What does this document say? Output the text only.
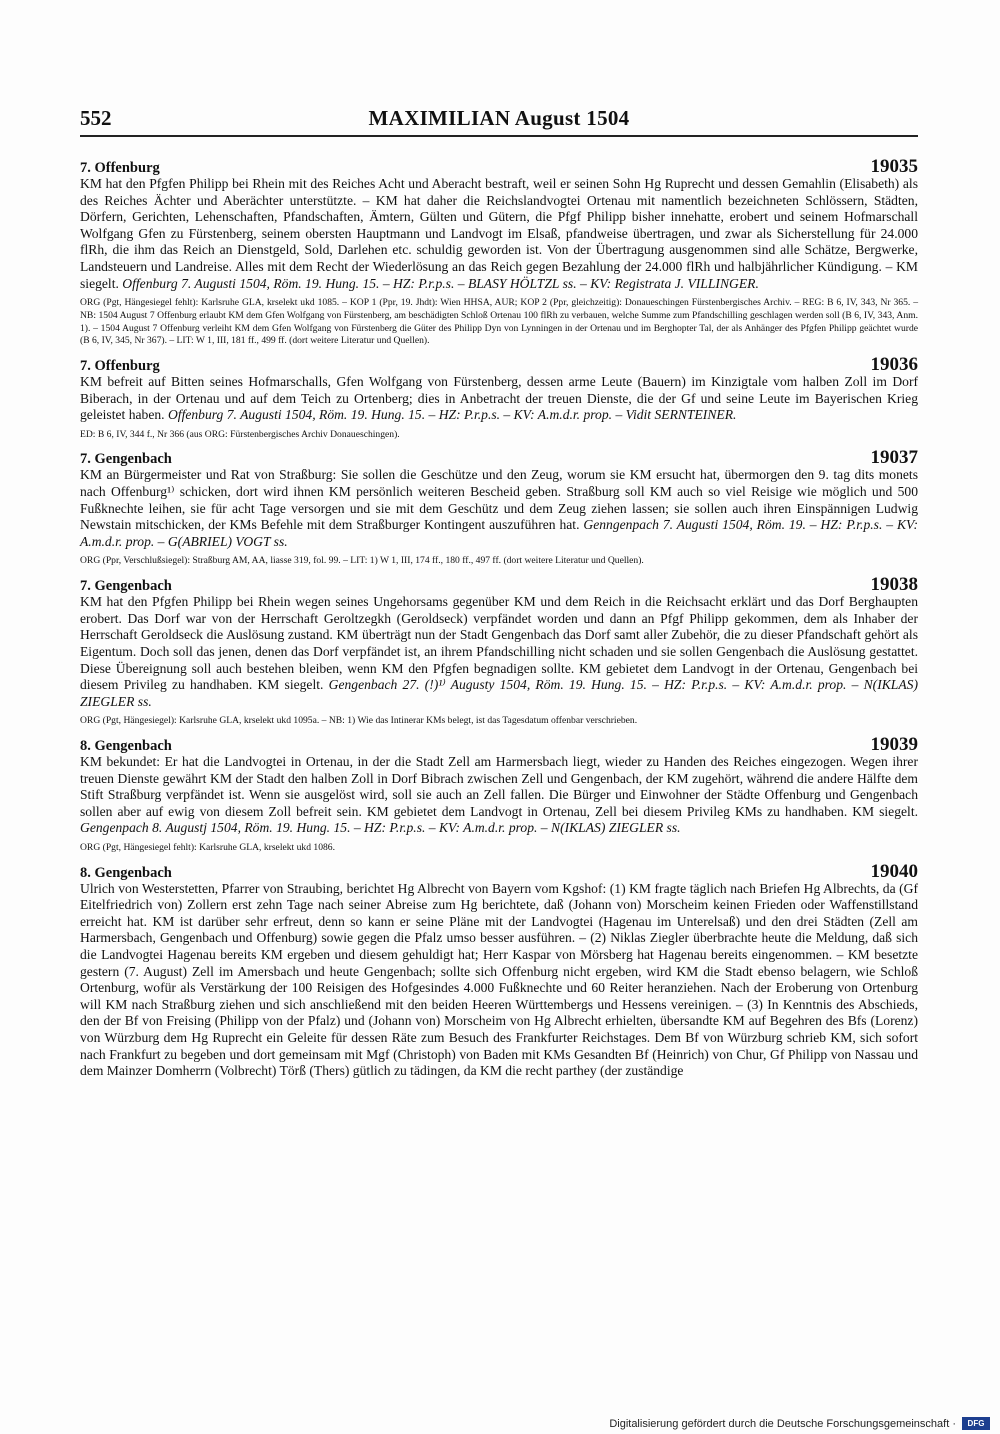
552	MAXIMILIAN August 1504
7. Offenburg	19035

KM hat den Pfgfen Philipp bei Rhein mit des Reiches Acht und Aberacht bestraft, weil er seinen Sohn Hg Ruprecht und dessen Gemahlin (Elisabeth) als des Reiches Ächter und Aberächter unterstützte. – KM hat daher die Reichslandvogtei Ortenau mit namentlich bezeichneten Schlössern, Städten, Dörfern, Gerichten, Lehenschaften, Pfandschaften, Ämtern, Gülten und Gütern, die Pfgf Philipp bisher innehatte, erobert und seinem Hofmarschall Wolfgang Gfen zu Fürstenberg, seinem obersten Hauptmann und Landvogt im Elsaß, pfandweise übertragen, und zwar als Sicherstellung für 24.000 flRh, die ihm das Reich an Dienstgeld, Sold, Darlehen etc. schuldig geworden ist. Von der Übertragung ausgenommen sind alle Schätze, Bergwerke, Landsteuern und Landreise. Alles mit dem Recht der Wiederlösung an das Reich gegen Bezahlung der 24.000 flRh und halbjährlicher Kündigung. – KM siegelt. Offenburg 7. Augusti 1504, Röm. 19. Hung. 15. – HZ: P.r.p.s. – BLASY HÖLTZL ss. – KV: Registrata J. VILLINGER.

ORG (Pgt, Hängesiegel fehlt): Karlsruhe GLA, krselekt ukd 1085. – KOP 1 (Ppr, 19. Jhdt): Wien HHSA, AUR; KOP 2 (Ppr, gleichzeitig): Donaueschingen Fürstenbergisches Archiv. – REG: B 6, IV, 343, Nr 365. – NB: 1504 August 7 Offenburg erlaubt KM dem Gfen Wolfgang von Fürstenberg, am beschädigten Schloß Ortenau 100 flRh zu verbauen, welche Summe zum Pfandschilling geschlagen werden soll (B 6, IV, 343, Anm. 1). – 1504 August 7 Offenburg verleiht KM dem Gfen Wolfgang von Fürstenberg die Güter des Philipp Dyn von Lynningen in der Ortenau und im Berghopter Tal, der als Anhänger des Pfgfen Philipp geächtet wurde (B 6, IV, 345, Nr 367). – LIT: W 1, III, 181 ff., 499 ff. (dort weitere Literatur und Quellen).

7. Offenburg	19036

KM befreit auf Bitten seines Hofmarschalls, Gfen Wolfgang von Fürstenberg, dessen arme Leute (Bauern) im Kinzigtale vom halben Zoll im Dorf Biberach, in der Ortenau und auf dem Teich zu Ortenberg; dies in Anbetracht der treuen Dienste, die der Gf und seine Leute im Bayerischen Krieg geleistet haben. Offenburg 7. Augusti 1504, Röm. 19. Hung. 15. – HZ: P.r.p.s. – KV: A.m.d.r. prop. – Vidit SERNTEINER.

ED: B 6, IV, 344 f., Nr 366 (aus ORG: Fürstenbergisches Archiv Donaueschingen).

7. Gengenbach	19037

KM an Bürgermeister und Rat von Straßburg: Sie sollen die Geschütze und den Zeug, worum sie KM ersucht hat, übermorgen den 9. tag dits monets nach Offenburg¹⁾ schicken, dort wird ihnen KM persönlich weiteren Bescheid geben. Straßburg soll KM auch so viel Reisige wie möglich und 500 Fußknechte leihen, sie für acht Tage versorgen und sie mit dem Geschütz und dem Zeug ziehen lassen; sie sollen auch ihren Einspännigen Ludwig Newstain mitschicken, der KMs Befehle mit dem Straßburger Kontingent auszuführen hat. Genngenpach 7. Augusti 1504, Röm. 19. – HZ: P.r.p.s. – KV: A.m.d.r. prop. – G(ABRIEL) VOGT ss.

ORG (Ppr, Verschlußsiegel): Straßburg AM, AA, liasse 319, fol. 99. – LIT: 1) W 1, III, 174 ff., 180 ff., 497 ff. (dort weitere Literatur und Quellen).

7. Gengenbach	19038

KM hat den Pfgfen Philipp bei Rhein wegen seines Ungehorsams gegenüber KM und dem Reich in die Reichsacht erklärt und das Dorf Berghaupten erobert. Das Dorf war von der Herrschaft Geroltzegkh (Geroldseck) verpfändet worden und dann an Pfgf Philipp gekommen, dem als Inhaber der Herrschaft Geroldseck die Auslösung zustand. KM überträgt nun der Stadt Gengenbach das Dorf samt aller Zubehör, die zu dieser Pfandschaft gehört als Eigentum. Doch soll das jenen, denen das Dorf verpfändet ist, an ihrem Pfandschilling nicht schaden und sie sollen Gengenbach die Auslösung gestattet. Diese Übereignung soll auch bestehen bleiben, wenn KM den Pfgfen begnadigen sollte. KM gebietet dem Landvogt in der Ortenau, Gengenbach bei diesem Privileg zu handhaben. KM siegelt. Gengenbach 27. (!)¹⁾ Augusty 1504, Röm. 19. Hung. 15. – HZ: P.r.p.s. – KV: A.m.d.r. prop. – N(IKLAS) ZIEGLER ss.

ORG (Pgt, Hängesiegel): Karlsruhe GLA, krselekt ukd 1095a. – NB: 1) Wie das Intinerar KMs belegt, ist das Tagesdatum offenbar verschrieben.

8. Gengenbach	19039

KM bekundet: Er hat die Landvogtei in Ortenau, in der die Stadt Zell am Harmersbach liegt, wieder zu Handen des Reiches eingezogen. Wegen ihrer treuen Dienste gewährt KM der Stadt den halben Zoll in Dorf Bibrach zwischen Zell und Gengenbach, der KM zugehört, während die andere Hälfte dem Stift Straßburg verpfändet ist. Wenn sie ausgelöst wird, soll sie auch an Zell fallen. Die Bürger und Einwohner der Städte Offenburg und Gengenbach sollen aber auf ewig von diesem Zoll befreit sein. KM gebietet dem Landvogt in Ortenau, Zell bei diesem Privileg KMs zu handhaben. KM siegelt. Gengenpach 8. Augustj 1504, Röm. 19. Hung. 15. – HZ: P.r.p.s. – KV: A.m.d.r. prop. – N(IKLAS) ZIEGLER ss.

ORG (Pgt, Hängesiegel fehlt): Karlsruhe GLA, krselekt ukd 1086.

8. Gengenbach	19040

Ulrich von Westerstetten, Pfarrer von Straubing, berichtet Hg Albrecht von Bayern vom Kgshof: (1) KM fragte täglich nach Briefen Hg Albrechts, da (Gf Eitelfriedrich von) Zollern erst zehn Tage nach seiner Abreise zum Hg berichtete, daß (Johann von) Morscheim keinen Frieden oder Waffenstillstand erreicht hat. KM ist darüber sehr erfreut, denn so kann er seine Pläne mit der Landvogtei (Hagenau im Unterelsaß) und den drei Städten (Zell am Harmersbach, Gengenbach und Offenburg) sowie gegen die Pfalz umso besser ausführen. – (2) Niklas Ziegler überbrachte heute die Meldung, daß sich die Landvogtei Hagenau bereits KM ergeben und diesem gehuldigt hat; Herr Kaspar von Mörsberg hat Hagenau bereits eingenommen. – KM besetzte gestern (7. August) Zell im Amersbach und heute Gengenbach; sollte sich Offenburg nicht ergeben, wird KM die Stadt ebenso belagern, wie Schloß Ortenburg, wofür als Verstärkung der 100 Reisigen des Hofgesindes 4.000 Fußknechte und 60 Reiter heranziehen. Nach der Eroberung von Ortenburg will KM nach Straßburg ziehen und sich anschließend mit den beiden Heeren Württembergs und Hessens vereinigen. – (3) In Kenntnis des Abschieds, den der Bf von Freising (Philipp von der Pfalz) und (Johann von) Morscheim von Hg Albrecht erhielten, übersandte KM auf Begehren des Bfs (Lorenz) von Würzburg dem Hg Ruprecht ein Geleite für dessen Räte zum Besuch des Frankfurter Reichstages. Dem Bf von Würzburg schrieb KM, sich sofort nach Frankfurt zu begeben und dort gemeinsam mit Mgf (Christoph) von Baden mit KMs Gesandten Bf (Heinrich) von Chur, Gf Philipp von Nassau und dem Mainzer Domherrn (Volbrecht) Törß (Thers) gütlich zu tädingen, da KM die recht parthey (der zuständige

Digitalisierung gefördert durch die Deutsche Forschungsgemeinschaft ·	DFG
